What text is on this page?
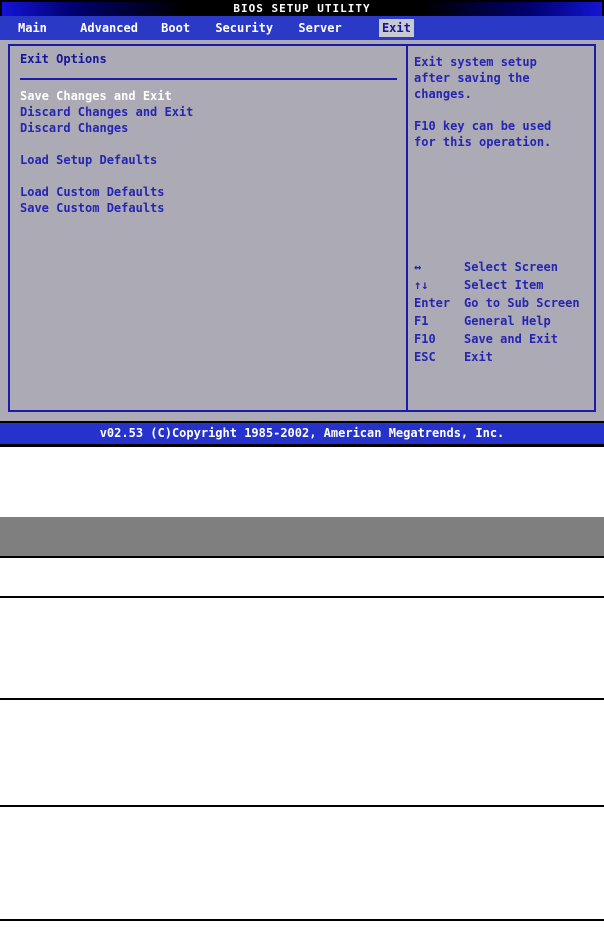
BIOS SETUP UTILITY
Main	Advanced Boot Security Server	Exit
Exit Options
Save Changes and Exit
Discard Changes and Exit
Discard Changes
Load Setup Defaults
Load Custom Defaults
Save Custom Defaults
Exit system setup after saving the changes.
F10 key can be used for this operation.
↔	Select Screen
↑↓	Select Item
Enter	Go to Sub Screen
F1	General Help
F10	Save and Exit
ESC	Exit
v02.53 (C)Copyright 1985-2002, American Megatrends, Inc.
